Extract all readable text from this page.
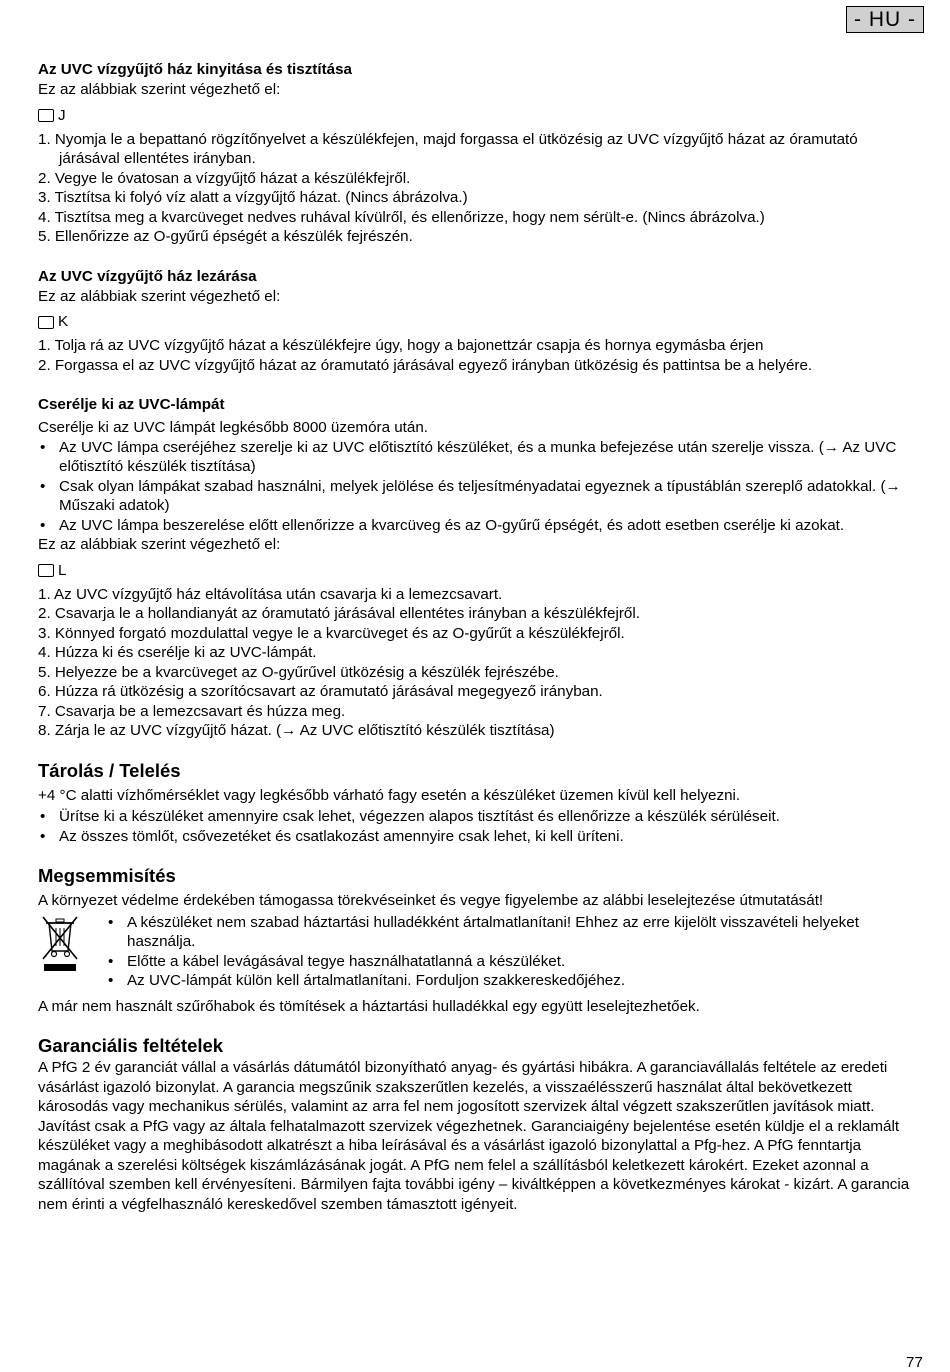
- HU -
Az UVC vízgyűjtő ház kinyitása és tisztítása

Ez az alábbiak szerint végezhető el:

J
1. Nyomja le a bepattanó rögzítőnyelvet a készülékfejen, majd forgassa el ütközésig az UVC vízgyűjtő házat az óramutató járásával ellentétes irányban.
2. Vegye le óvatosan a vízgyűjtő házat a készülékfejről.
3. Tisztítsa ki folyó víz alatt a vízgyűjtő házat. (Nincs ábrázolva.)
4. Tisztítsa meg a kvarcüveget nedves ruhával kívülről, és ellenőrizze, hogy nem sérült-e. (Nincs ábrázolva.)
5. Ellenőrizze az O-gyűrű épségét a készülék fejrészén.
Az UVC vízgyűjtő ház lezárása

Ez az alábbiak szerint végezhető el:

K
1. Tolja rá az UVC vízgyűjtő házat a készülékfejre úgy, hogy a bajonettzár csapja és hornya egymásba érjen
2. Forgassa el az UVC vízgyűjtő házat az óramutató járásával egyező irányban ütközésig és pattintsa be a helyére.
Cserélje ki az UVC-lámpát

Cserélje ki az UVC lámpát legkésőbb 8000 üzemóra után.

• Az UVC lámpa cseréjéhez szerelje ki az UVC előtisztító készüléket, és a munka befejezése után szerelje vissza. (→ Az UVC előtisztító készülék tisztítása)
• Csak olyan lámpákat szabad használni, melyek jelölése és teljesítményadatai egyeznek a típustáblán szereplő adatokkal. (→ Műszaki adatok)
• Az UVC lámpa beszerelése előtt ellenőrizze a kvarcüveg és az O-gyűrű épségét, és adott esetben cserélje ki azokat.

Ez az alábbiak szerint végezhető el:

L
1. Az UVC vízgyűjtő ház eltávolítása után csavarja ki a lemezcsavart.
2. Csavarja le a hollandianyát az óramutató járásával ellentétes irányban a készülékfejről.
3. Könnyed forgató mozdulattal vegye le a kvarcüveget és az O-gyűrűt a készülékfejről.
4. Húzza ki és cserélje ki az UVC-lámpát.
5. Helyezze be a kvarcüveget az O-gyűrűvel ütközésig a készülék fejrészébe.
6. Húzza rá ütközésig a szorítócsavart az óramutató járásával megegyező irányban.
7. Csavarja be a lemezcsavart és húzza meg.
8. Zárja le az UVC vízgyűjtő házat. (→ Az UVC előtisztító készülék tisztítása)
Tárolás / Telelés

+4 °C alatti vízhőmérséklet vagy legkésőbb várható fagy esetén a készüléket üzemen kívül kell helyezni.

• Ürítse ki a készüléket amennyire csak lehet, végezzen alapos tisztítást és ellenőrizze a készülék sérüléseit.
• Az összes tömlőt, csővezetéket és csatlakozást amennyire csak lehet, ki kell üríteni.
Megsemmisítés

A környezet védelme érdekében támogassa törekvéseinket és vegye figyelembe az alábbi leselejtezése útmutatását!

• A készüléket nem szabad háztartási hulladékként ártalmatlanítani! Ehhez az erre kijelölt visszavételi helyeket használja.
• Előtte a kábel levágásával tegye használhatatlanná a készüléket.
• Az UVC-lámpát külön kell ártalmatlanítani. Forduljon szakkereskedőjéhez.

A már nem használt szűrőhabok és tömítések a háztartási hulladékkal egy együtt leselejtezhetőek.

Garanciális feltételek

A PfG 2 év garanciát vállal a vásárlás dátumától bizonyítható anyag- és gyártási hibákra. A garanciavállalás feltétele az eredeti vásárlást igazoló bizonylat. A garancia megszűnik szakszerűtlen kezelés, a visszaélésszerű használat által bekövetkezett károsodás vagy mechanikus sérülés, valamint az arra fel nem jogosított szervizek által végzett szakszerűtlen javítások miatt. Javítást csak a PfG vagy az általa felhatalmazott szervizek végezhetnek. Garanciaigény bejelentése esetén küldje el a reklamált készüléket vagy a meghibásodott alkatrészt a hiba leírásával és a vásárlást igazoló bizonylattal a Pfg-hez. A PfG fenntartja magának a szerelési költségek kiszámlázásának jogát. A PfG nem felel a szállításból keletkezett károkért. Ezeket azonnal a szállítóval szemben kell érvényesíteni. Bármilyen fajta további igény – kiváltképpen a következményes károkat - kizárt. A garancia nem érinti a végfelhasználó kereskedővel szemben támasztott igényeit.

77
